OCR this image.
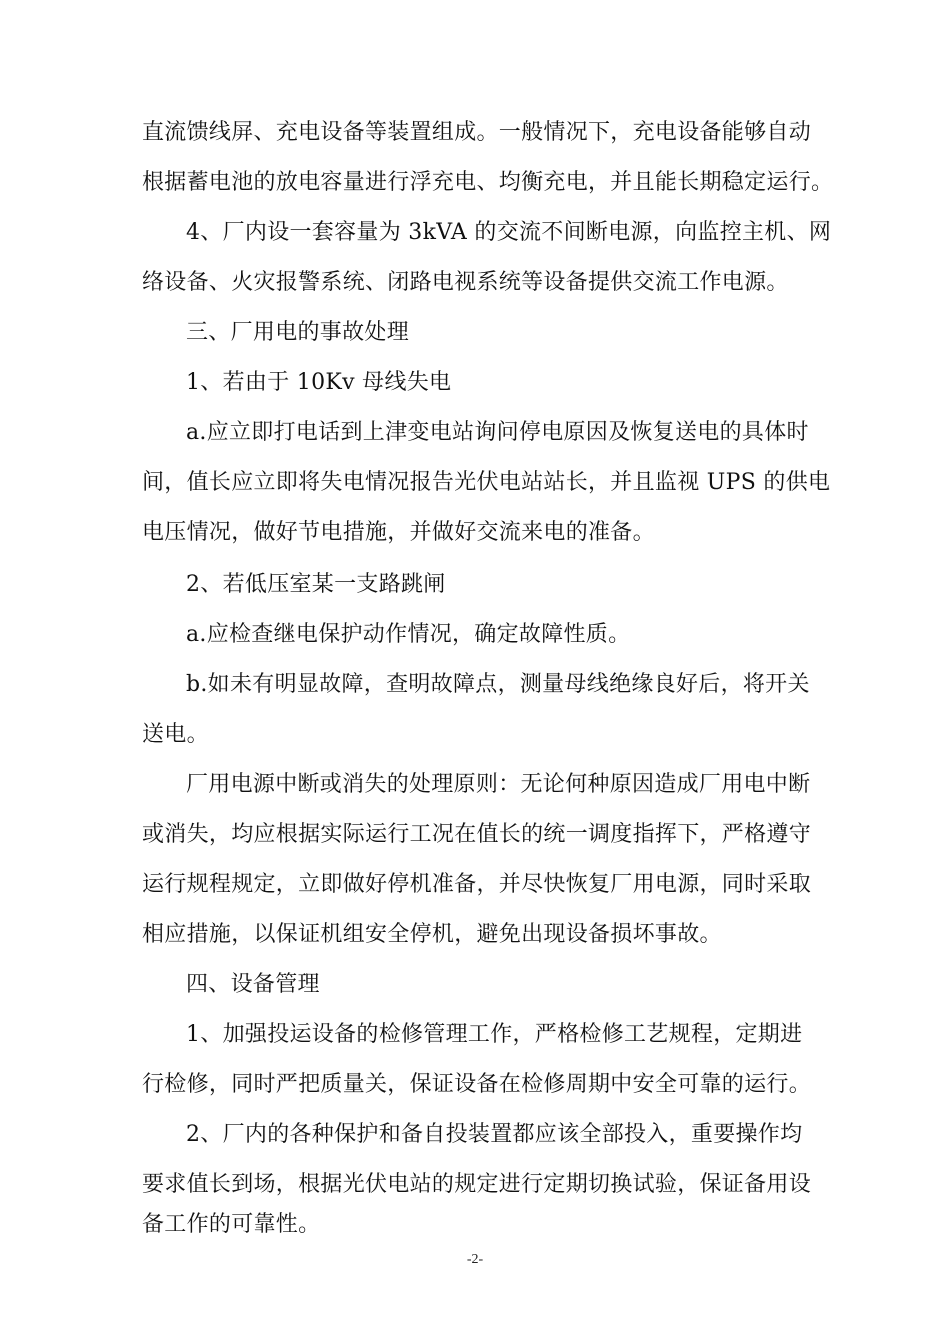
直流馈线屏、充电设备等装置组成。一般情况下，充电设备能够自动
根据蓄电池的放电容量进行浮充电、均衡充电，并且能长期稳定运行。
4、厂内设一套容量为 3kVA 的交流不间断电源，向监控主机、网
络设备、火灾报警系统、闭路电视系统等设备提供交流工作电源。
三、厂用电的事故处理
1、若由于 10Kv 母线失电
a.应立即打电话到上津变电站询问停电原因及恢复送电的具体时
间，值长应立即将失电情况报告光伏电站站长，并且监视 UPS 的供电
电压情况，做好节电措施，并做好交流来电的准备。
2、若低压室某一支路跳闸
a.应检查继电保护动作情况，确定故障性质。
b.如未有明显故障，查明故障点，测量母线绝缘良好后，将开关
送电。
厂用电源中断或消失的处理原则：无论何种原因造成厂用电中断
或消失，均应根据实际运行工况在值长的统一调度指挥下，严格遵守
运行规程规定，立即做好停机准备，并尽快恢复厂用电源，同时采取
相应措施，以保证机组安全停机，避免出现设备损坏事故。
四、设备管理
1、加强投运设备的检修管理工作，严格检修工艺规程，定期进
行检修，同时严把质量关，保证设备在检修周期中安全可靠的运行。
2、厂内的各种保护和备自投装置都应该全部投入，重要操作均
要求值长到场，根据光伏电站的规定进行定期切换试验，保证备用设
备工作的可靠性。
-2-
